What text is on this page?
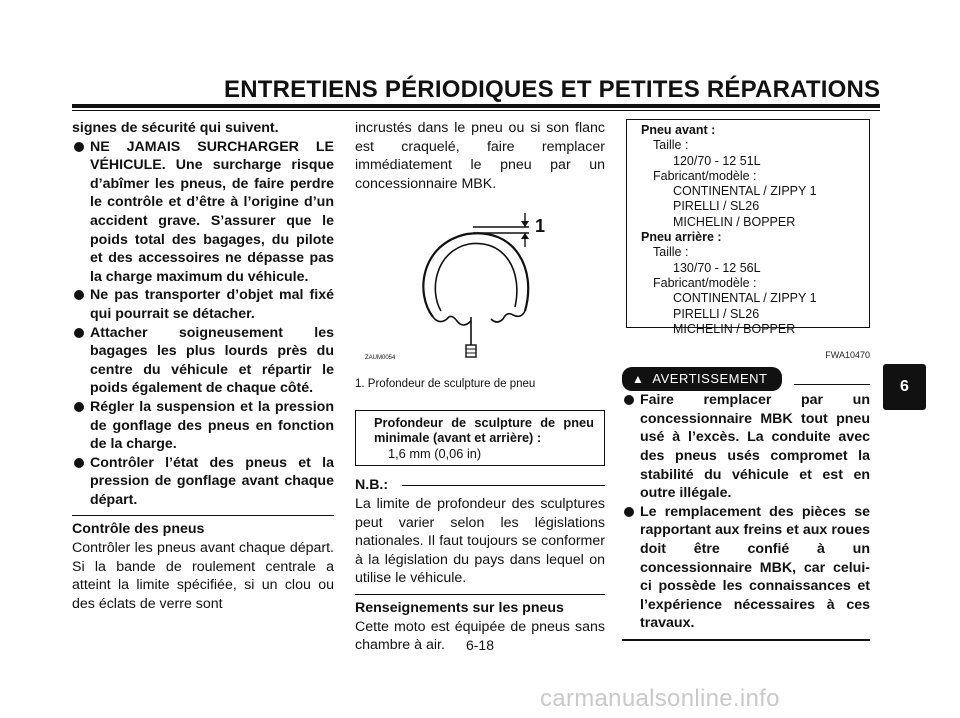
ENTRETIENS PÉRIODIQUES ET PETITES RÉPARATIONS
signes de sécurité qui suivent.
NE JAMAIS SURCHARGER LE VÉHICULE. Une surcharge risque d’abîmer les pneus, de faire perdre le contrôle et d’être à l’origine d’un accident grave. S’assurer que le poids total des bagages, du pilote et des accessoires ne dépasse pas la charge maximum du véhicule.
Ne pas transporter d’objet mal fixé qui pourrait se détacher.
Attacher soigneusement les bagages les plus lourds près du centre du véhicule et répartir le poids également de chaque côté.
Régler la suspension et la pression de gonflage des pneus en fonction de la charge.
Contrôler l’état des pneus et la pression de gonflage avant chaque départ.
Contrôle des pneus
Contrôler les pneus avant chaque départ. Si la bande de roulement centrale a atteint la limite spécifiée, si un clou ou des éclats de verre sont
incrustés dans le pneu ou si son flanc est craquelé, faire remplacer immédiatement le pneu par un concessionnaire MBK.
1
ZAUM0054
1. Profondeur de sculpture de pneu
Profondeur de sculpture de pneu minimale (avant et arrière) :
1,6 mm (0,06 in)
N.B.:
La limite de profondeur des sculptures peut varier selon les législations nationales. Il faut toujours se conformer à la législation du pays dans lequel on utilise le véhicule.
Renseignements sur les pneus
Cette moto est équipée de pneus sans chambre à air.
Pneu avant :
Taille :
120/70 - 12 51L
Fabricant/modèle :
CONTINENTAL / ZIPPY 1
PIRELLI / SL26
MICHELIN / BOPPER
Pneu arrière :
Taille :
130/70 - 12 56L
Fabricant/modèle :
CONTINENTAL / ZIPPY 1
PIRELLI / SL26
MICHELIN / BOPPER
FWA10470
▲ AVERTISSEMENT
Faire remplacer par un concessionnaire MBK tout pneu usé à l’excès. La conduite avec des pneus usés compromet la stabilité du véhicule et est en outre illégale.
Le remplacement des pièces se rapportant aux freins et aux roues doit être confié à un concessionnaire MBK, car celui-ci possède les connaissances et l’expérience nécessaires à ces travaux.
6
6-18
carmanualsonline.info
